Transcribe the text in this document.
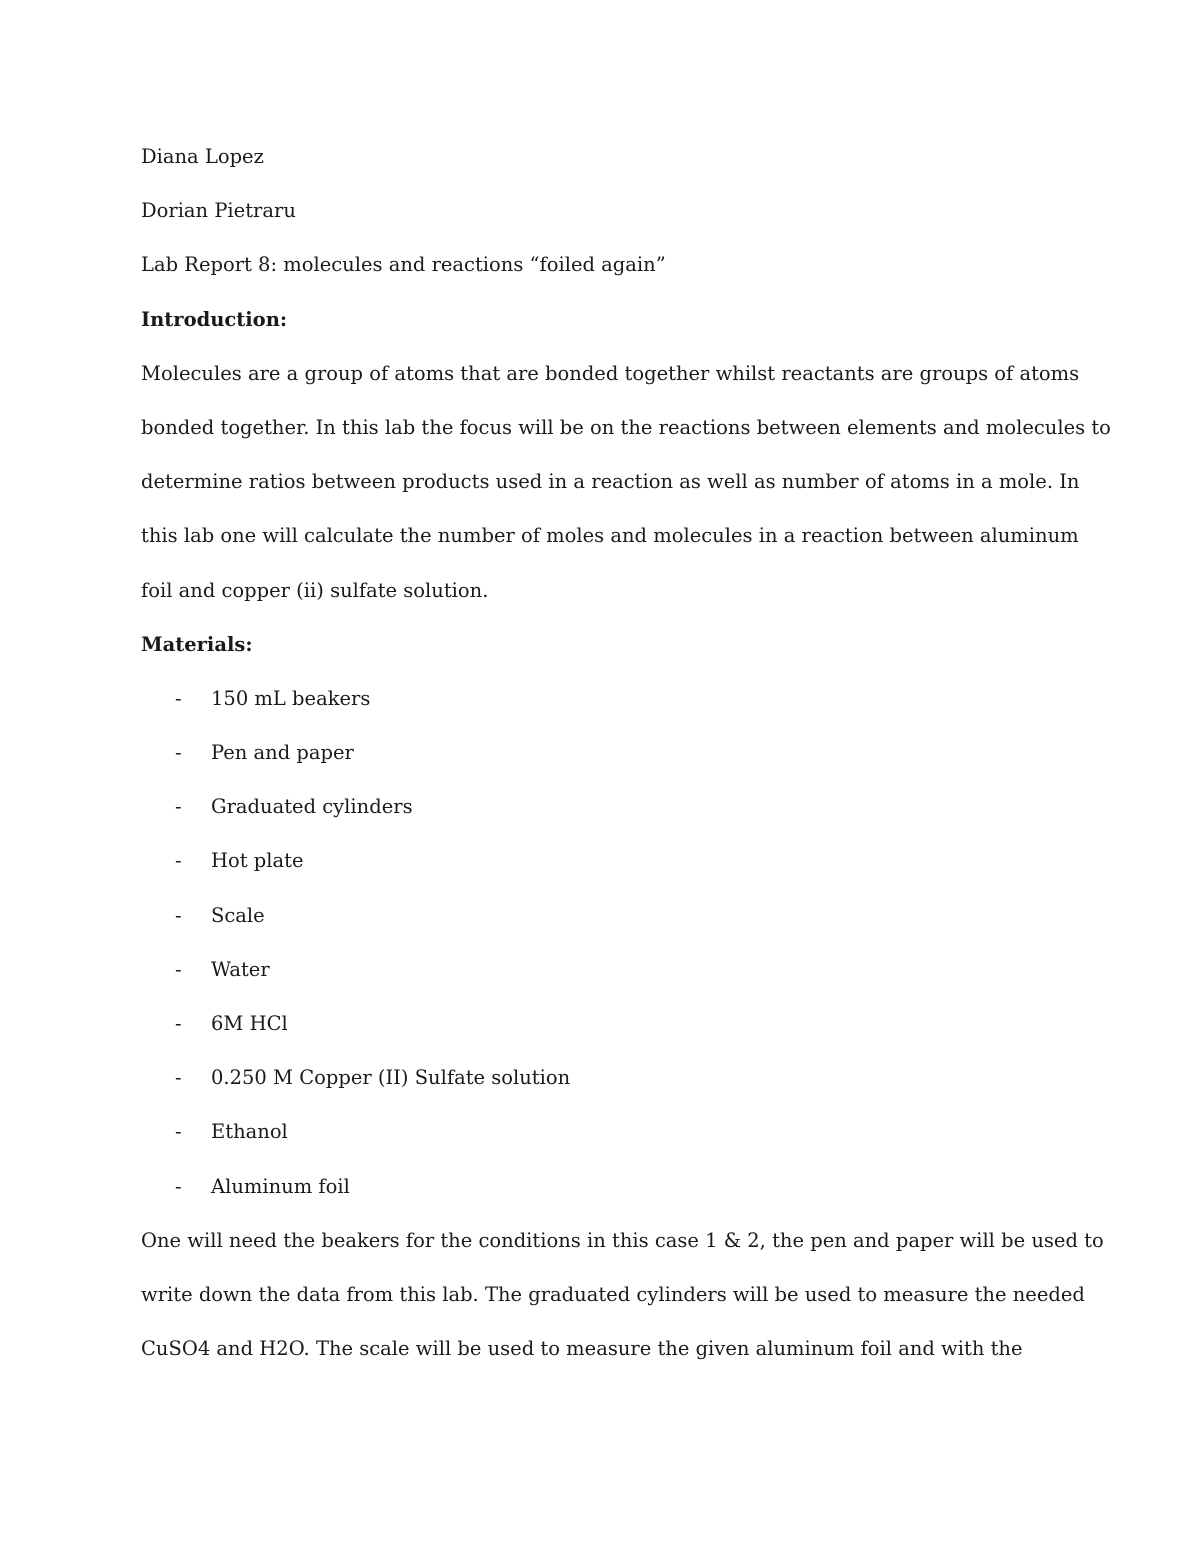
Diana Lopez
Dorian Pietraru
Lab Report 8: molecules and reactions “foiled again”
Introduction:
Molecules are a group of atoms that are bonded together whilst reactants are groups of atoms
bonded together. In this lab the focus will be on the reactions between elements and molecules to
determine ratios between products used in a reaction as well as number of atoms in a mole. In
this lab one will calculate the number of moles and molecules in a reaction between aluminum
foil and copper (ii) sulfate solution.
Materials:
- 150 mL beakers
- Pen and paper
- Graduated cylinders
- Hot plate
- Scale
- Water
- 6M HCl
- 0.250 M Copper (II) Sulfate solution
- Ethanol
- Aluminum foil
One will need the beakers for the conditions in this case 1 & 2, the pen and paper will be used to
write down the data from this lab. The graduated cylinders will be used to measure the needed
CuSO4 and H2O. The scale will be used to measure the given aluminum foil and with the
